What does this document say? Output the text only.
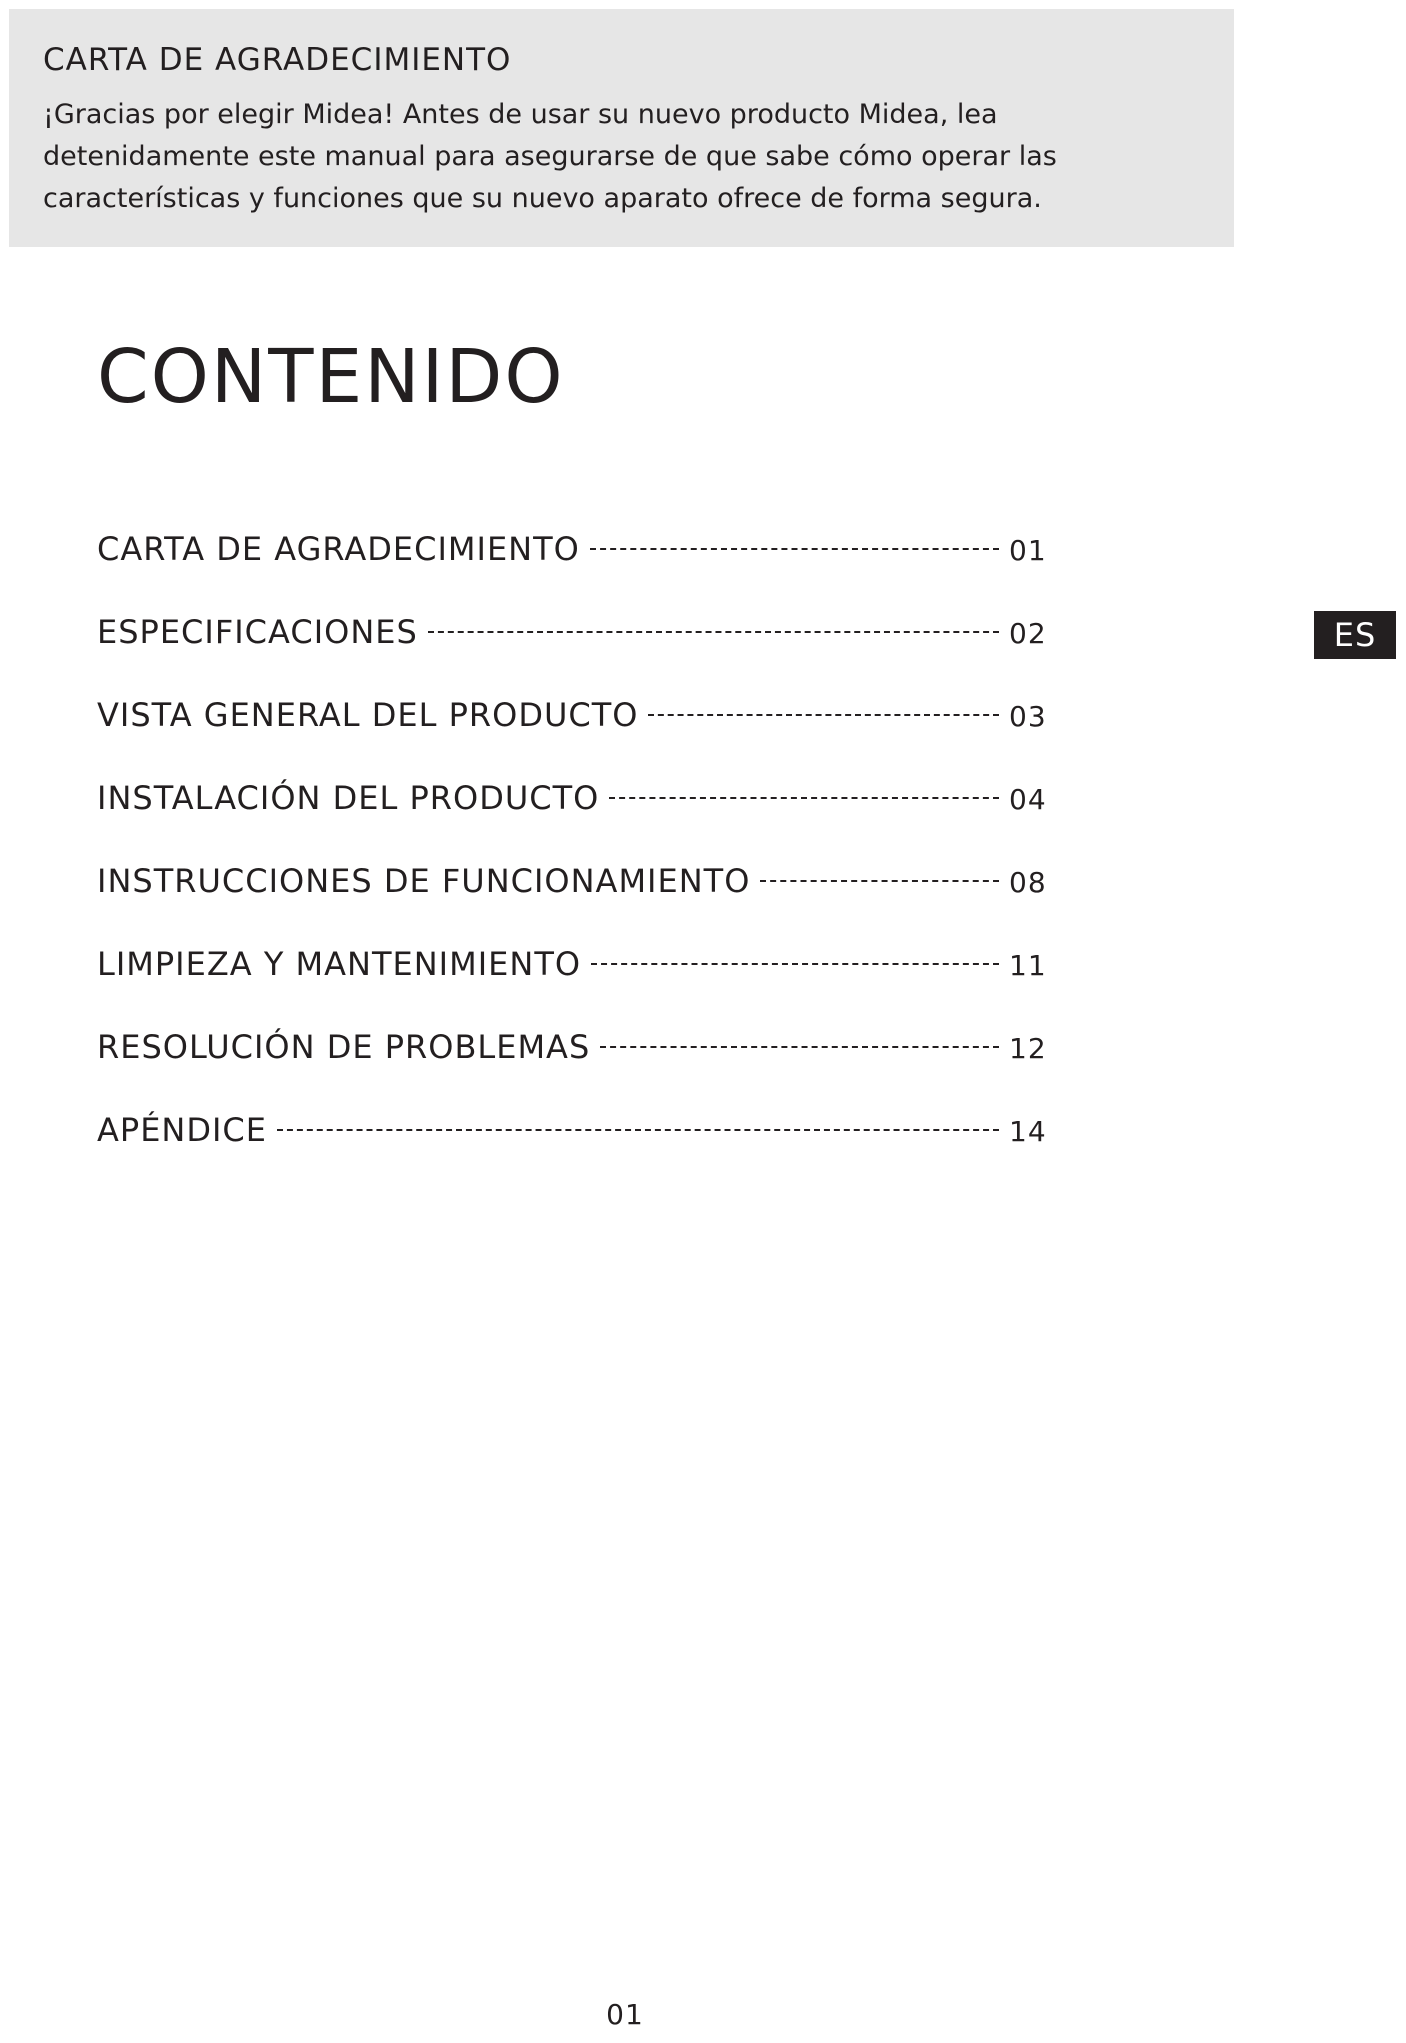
CARTA DE AGRADECIMIENTO

¡Gracias por elegir Midea! Antes de usar su nuevo producto Midea, lea detenidamente este manual para asegurarse de que sabe cómo operar las características y funciones que su nuevo aparato ofrece de forma segura.

CONTENIDO
CARTA DE AGRADECIMIENTO	01
ESPECIFICACIONES	02
VISTA GENERAL DEL PRODUCTO	03
INSTALACIÓN DEL PRODUCTO	04
INSTRUCCIONES DE FUNCIONAMIENTO	08
LIMPIEZA Y MANTENIMIENTO	11
RESOLUCIÓN DE PROBLEMAS	12
APÉNDICE	14
ES
01
